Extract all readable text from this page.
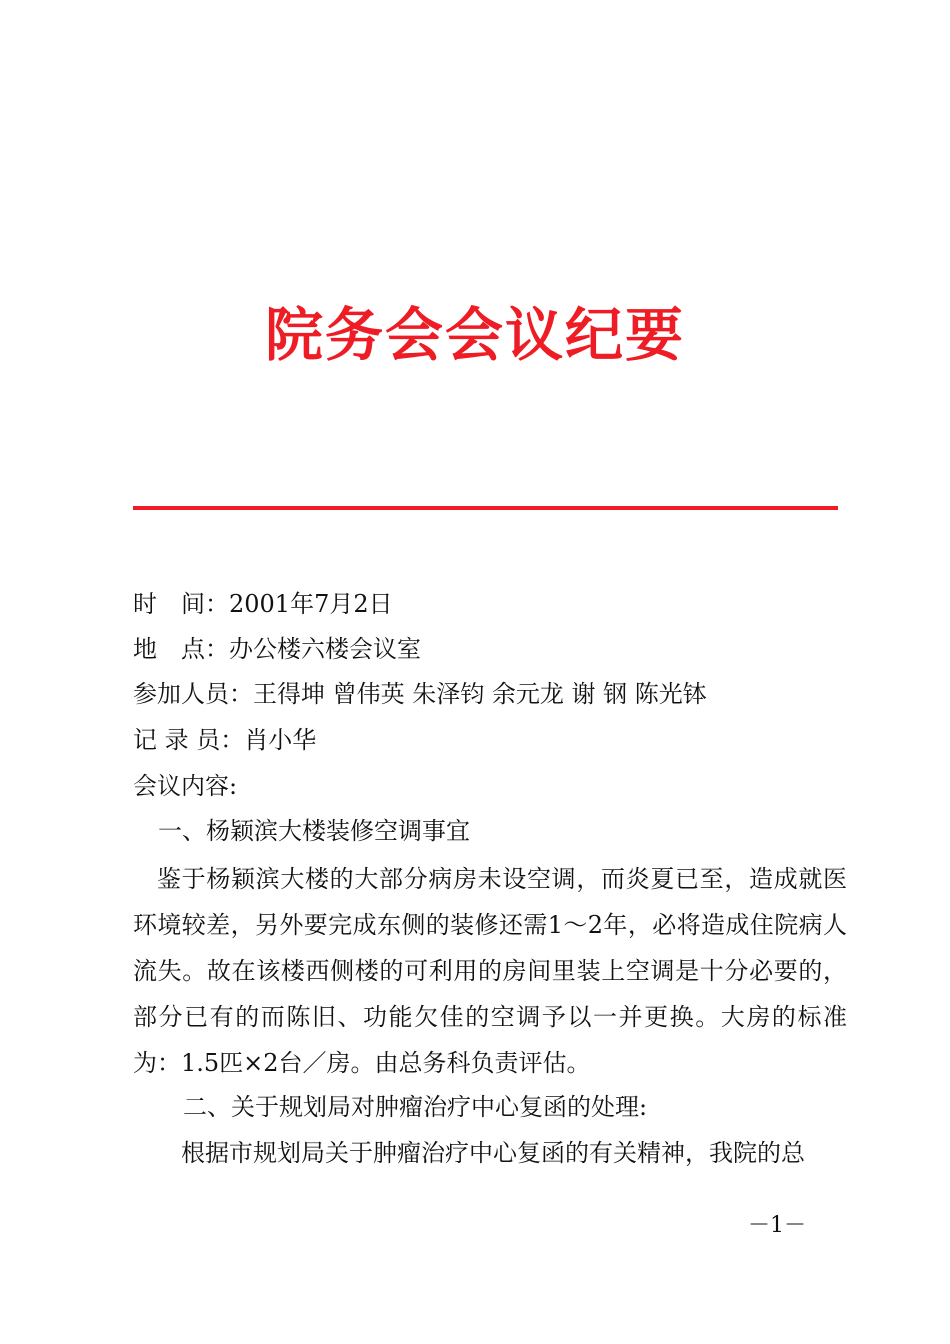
院务会会议纪要
时　间：2001年7月2日
地　点：办公楼六楼会议室
参加人员：王得坤 曾伟英 朱泽钧 余元龙 谢 钢 陈光钵
记 录 员：肖小华
会议内容:
一、杨颖滨大楼装修空调事宜
鉴于杨颖滨大楼的大部分病房未设空调，而炎夏已至，造成就医环境较差，另外要完成东侧的装修还需1～2年，必将造成住院病人流失。故在该楼西侧楼的可利用的房间里装上空调是十分必要的，部分已有的而陈旧、功能欠佳的空调予以一并更换。大房的标准为：1.5匹×2台／房。由总务科负责评估。
二、关于规划局对肿瘤治疗中心复函的处理:
根据市规划局关于肿瘤治疗中心复函的有关精神，我院的总
－1－
